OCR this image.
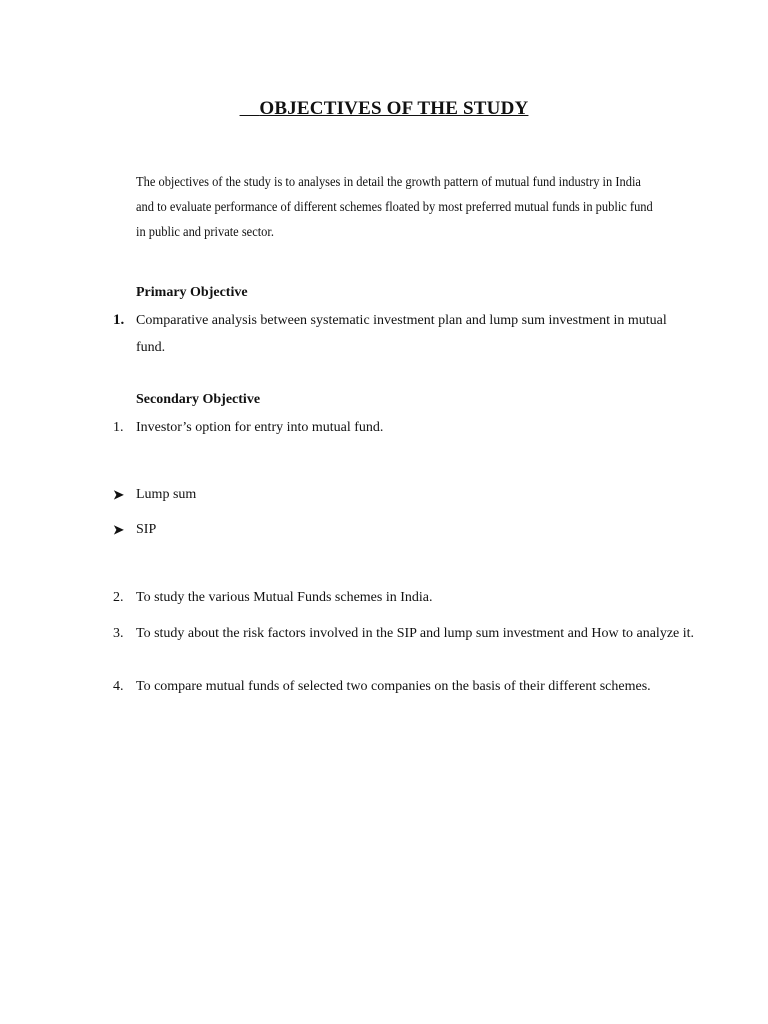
OBJECTIVES OF THE STUDY
The objectives of the study is to analyses in detail the growth pattern of mutual fund industry in India and to evaluate performance of different schemes floated by most preferred mutual funds in public fund in public and private sector.
Primary Objective
1. Comparative analysis between systematic investment plan and lump sum investment in mutual fund.
Secondary Objective
1. Investor’s option for entry into mutual fund.
➤ Lump sum
➤ SIP
2. To study the various Mutual Funds schemes in India.
3. To study about the risk factors involved in the SIP and lump sum investment and How to analyze it.
4. To compare mutual funds of selected two companies on the basis of their different schemes.
